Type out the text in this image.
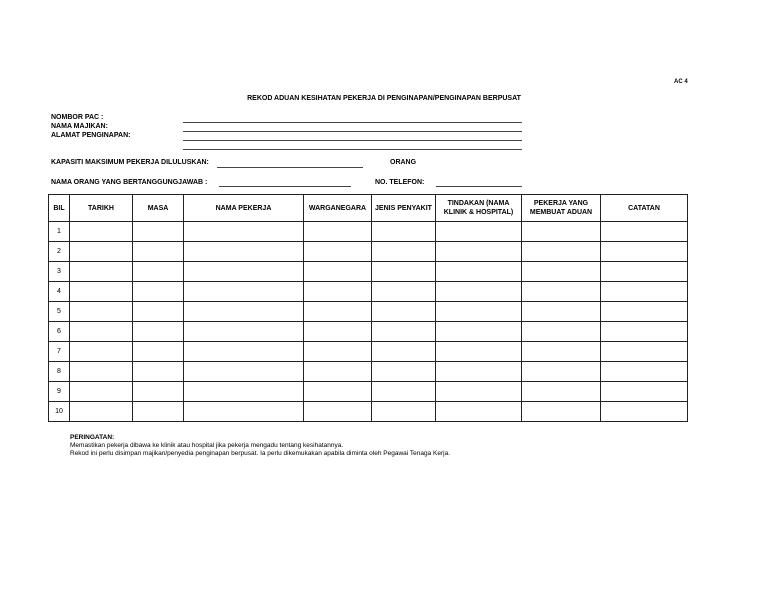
AC 4
REKOD ADUAN KESIHATAN PEKERJA DI PENGINAPAN/PENGINAPAN BERPUSAT
NOMBOR PAC :
NAMA MAJIKAN:
ALAMAT PENGINAPAN:
KAPASITI MAKSIMUM PEKERJA DILULUSKAN:	ORANG
NAMA ORANG YANG BERTANGGUNGJAWAB :	NO. TELEFON:
BIL	TARIKH	MASA	NAMA PEKERJA	WARGANEGARA	JENIS PENYAKIT	TINDAKAN (NAMA KLINIK & HOSPITAL)	PEKERJA YANG MEMBUAT ADUAN	CATATAN
1								
2								
3								
4								
5								
6								
7								
8								
9								
10								
PERINGATAN:
Memastikan pekerja dibawa ke klinik atau hospital jika pekerja mengadu tentang kesihatannya.
Rekod ini perlu disimpan majikan/penyedia penginapan berpusat. Ia perlu dikemukakan apabila diminta oleh Pegawai Tenaga Kerja.
